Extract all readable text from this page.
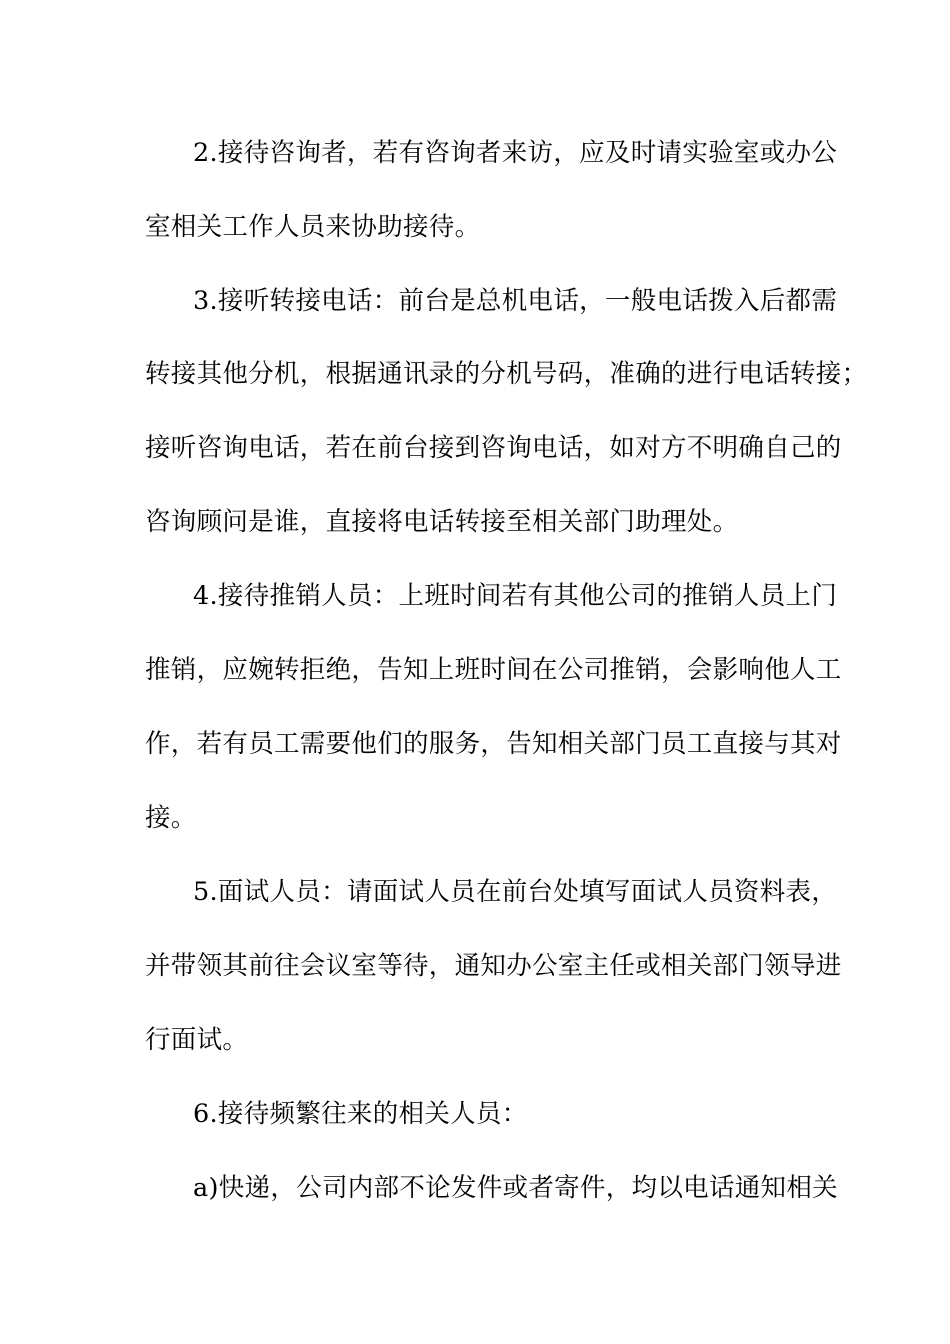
2.接待咨询者，若有咨询者来访，应及时请实验室或办公
室相关工作人员来协助接待。
3.接听转接电话：前台是总机电话，一般电话拨入后都需
转接其他分机，根据通讯录的分机号码，准确的进行电话转接；
接听咨询电话，若在前台接到咨询电话，如对方不明确自己的
咨询顾问是谁，直接将电话转接至相关部门助理处。
4.接待推销人员：上班时间若有其他公司的推销人员上门
推销，应婉转拒绝，告知上班时间在公司推销，会影响他人工
作，若有员工需要他们的服务，告知相关部门员工直接与其对
接。
5.面试人员：请面试人员在前台处填写面试人员资料表，
并带领其前往会议室等待，通知办公室主任或相关部门领导进
行面试。
6.接待频繁往来的相关人员：
a)快递，公司内部不论发件或者寄件，均以电话通知相关
